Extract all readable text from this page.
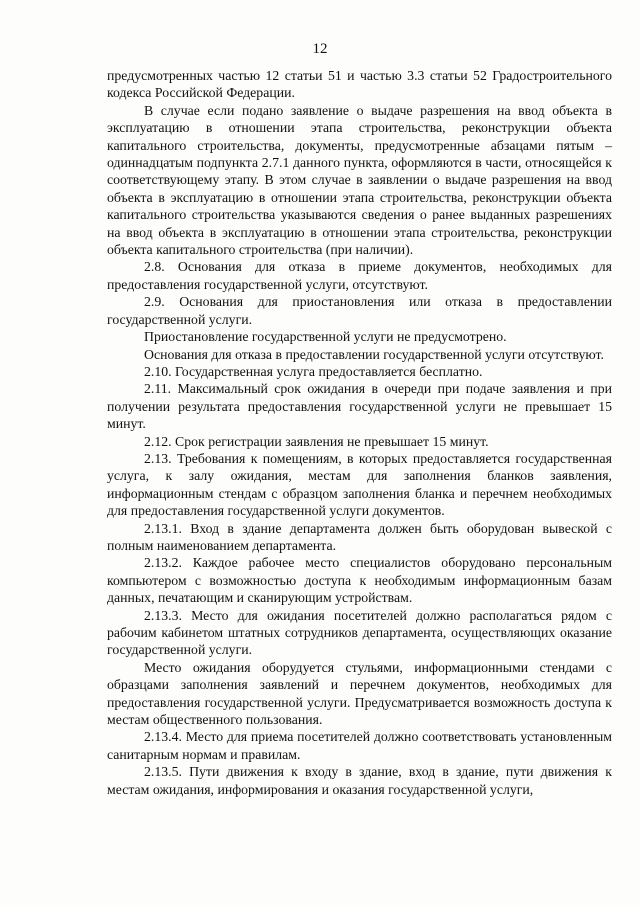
12

предусмотренных частью 12 статьи 51 и частью 3.3 статьи 52 Градостроительного кодекса Российской Федерации.

В случае если подано заявление о выдаче разрешения на ввод объекта в эксплуатацию в отношении этапа строительства, реконструкции объекта капитального строительства, документы, предусмотренные абзацами пятым – одиннадцатым подпункта 2.7.1 данного пункта, оформляются в части, относящейся к соответствующему этапу. В этом случае в заявлении о выдаче разрешения на ввод объекта в эксплуатацию в отношении этапа строительства, реконструкции объекта капитального строительства указываются сведения о ранее выданных разрешениях на ввод объекта в эксплуатацию в отношении этапа строительства, реконструкции объекта капитального строительства (при наличии).

2.8. Основания для отказа в приеме документов, необходимых для предоставления государственной услуги, отсутствуют.

2.9. Основания для приостановления или отказа в предоставлении государственной услуги.

Приостановление государственной услуги не предусмотрено.

Основания для отказа в предоставлении государственной услуги отсутствуют.

2.10. Государственная услуга предоставляется бесплатно.

2.11. Максимальный срок ожидания в очереди при подаче заявления и при получении результата предоставления государственной услуги не превышает 15 минут.

2.12. Срок регистрации заявления не превышает 15 минут.

2.13. Требования к помещениям, в которых предоставляется государственная услуга, к залу ожидания, местам для заполнения бланков заявления, информационным стендам с образцом заполнения бланка и перечнем необходимых для предоставления государственной услуги документов.

2.13.1. Вход в здание департамента должен быть оборудован вывеской с полным наименованием департамента.

2.13.2. Каждое рабочее место специалистов оборудовано персональным компьютером с возможностью доступа к необходимым информационным базам данных, печатающим и сканирующим устройствам.

2.13.3. Место для ожидания посетителей должно располагаться рядом с рабочим кабинетом штатных сотрудников департамента, осуществляющих оказание государственной услуги.

Место ожидания оборудуется стульями, информационными стендами с образцами заполнения заявлений и перечнем документов, необходимых для предоставления государственной услуги. Предусматривается возможность доступа к местам общественного пользования.

2.13.4. Место для приема посетителей должно соответствовать установленным санитарным нормам и правилам.

2.13.5. Пути движения к входу в здание, вход в здание, пути движения к местам ожидания, информирования и оказания государственной услуги,
